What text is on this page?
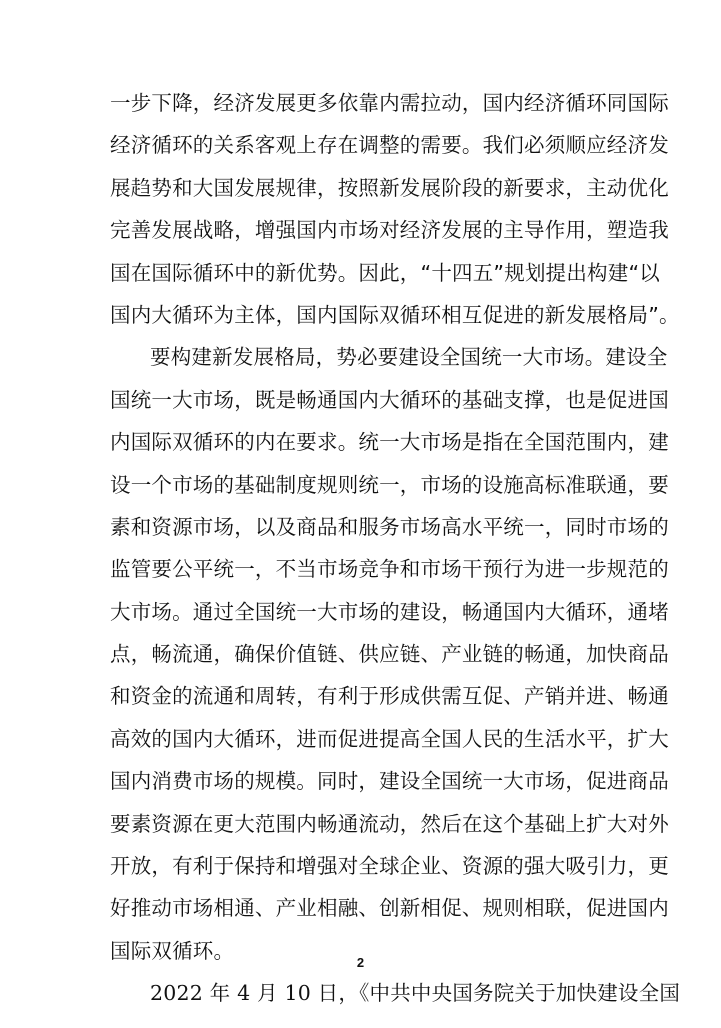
一步下降，经济发展更多依靠内需拉动，国内经济循环同国际
经济循环的关系客观上存在调整的需要。我们必须顺应经济发
展趋势和大国发展规律，按照新发展阶段的新要求，主动优化
完善发展战略，增强国内市场对经济发展的主导作用，塑造我
国在国际循环中的新优势。因此，“十四五”规划提出构建“以
国内大循环为主体，国内国际双循环相互促进的新发展格局”。
要构建新发展格局，势必要建设全国统一大市场。建设全
国统一大市场，既是畅通国内大循环的基础支撑，也是促进国
内国际双循环的内在要求。统一大市场是指在全国范围内，建
设一个市场的基础制度规则统一，市场的设施高标准联通，要
素和资源市场，以及商品和服务市场高水平统一，同时市场的
监管要公平统一，不当市场竞争和市场干预行为进一步规范的
大市场。通过全国统一大市场的建设，畅通国内大循环，通堵
点，畅流通，确保价值链、供应链、产业链的畅通，加快商品
和资金的流通和周转，有利于形成供需互促、产销并进、畅通
高效的国内大循环，进而促进提高全国人民的生活水平，扩大
国内消费市场的规模。同时，建设全国统一大市场，促进商品
要素资源在更大范围内畅通流动，然后在这个基础上扩大对外
开放，有利于保持和增强对全球企业、资源的强大吸引力，更
好推动市场相通、产业相融、创新相促、规则相联，促进国内
国际双循环。
2022 年 4 月 10 日，《中共中央国务院关于加快建设全国
2
